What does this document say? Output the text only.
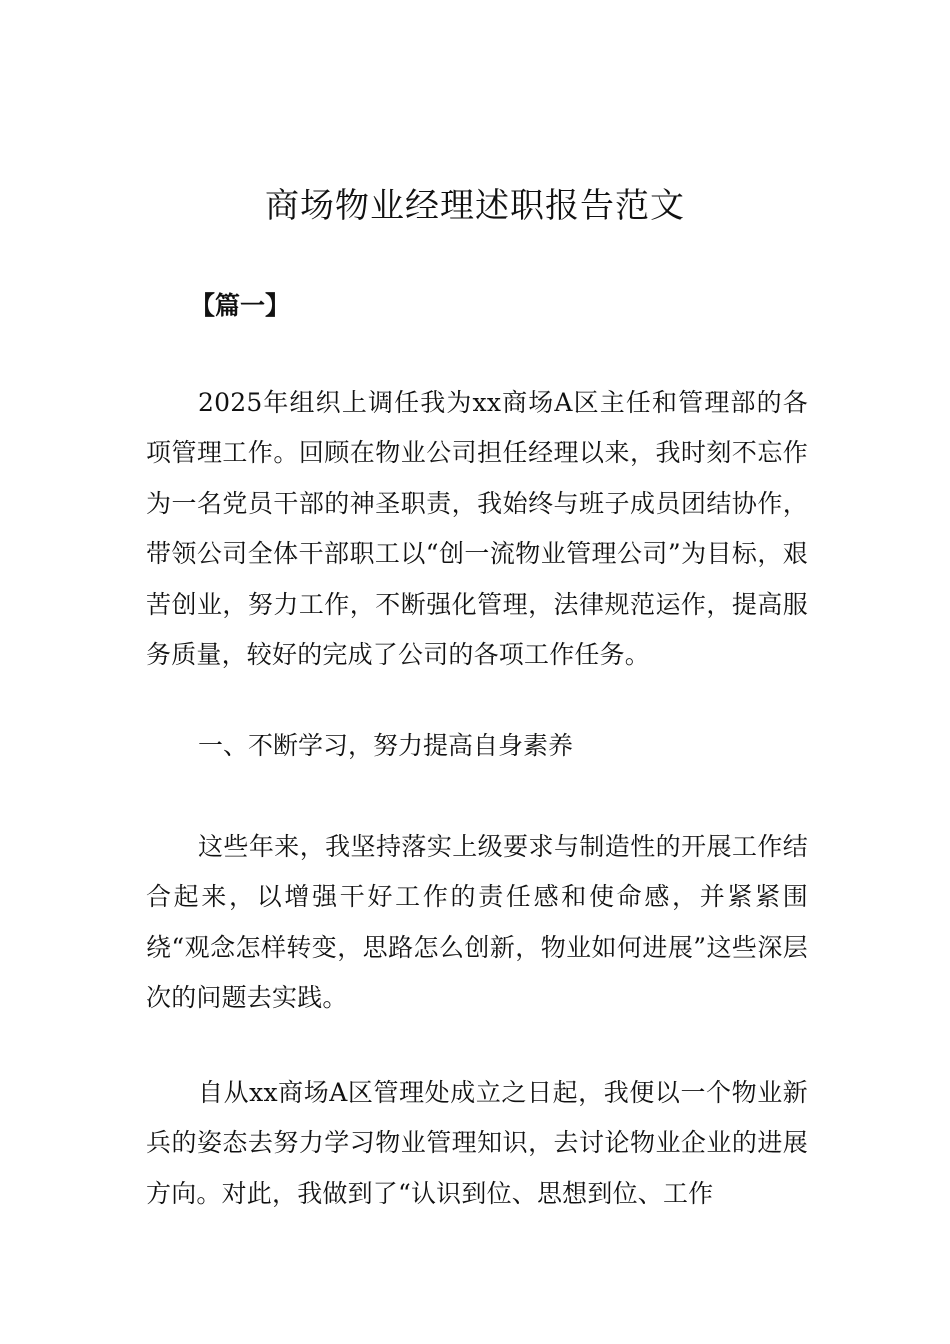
商场物业经理述职报告范文

【篇一】

2025年组织上调任我为xx商场A区主任和管理部的各项管理工作。回顾在物业公司担任经理以来，我时刻不忘作为一名党员干部的神圣职责，我始终与班子成员团结协作，带领公司全体干部职工以“创一流物业管理公司”为目标，艰苦创业，努力工作，不断强化管理，法律规范运作，提高服务质量，较好的完成了公司的各项工作任务。

一、不断学习，努力提高自身素养

这些年来，我坚持落实上级要求与制造性的开展工作结合起来，以增强干好工作的责任感和使命感，并紧紧围绕“观念怎样转变，思路怎么创新，物业如何进展”这些深层次的问题去实践。

自从xx商场A区管理处成立之日起，我便以一个物业新兵的姿态去努力学习物业管理知识，去讨论物业企业的进展方向。对此，我做到了“认识到位、思想到位、工作
